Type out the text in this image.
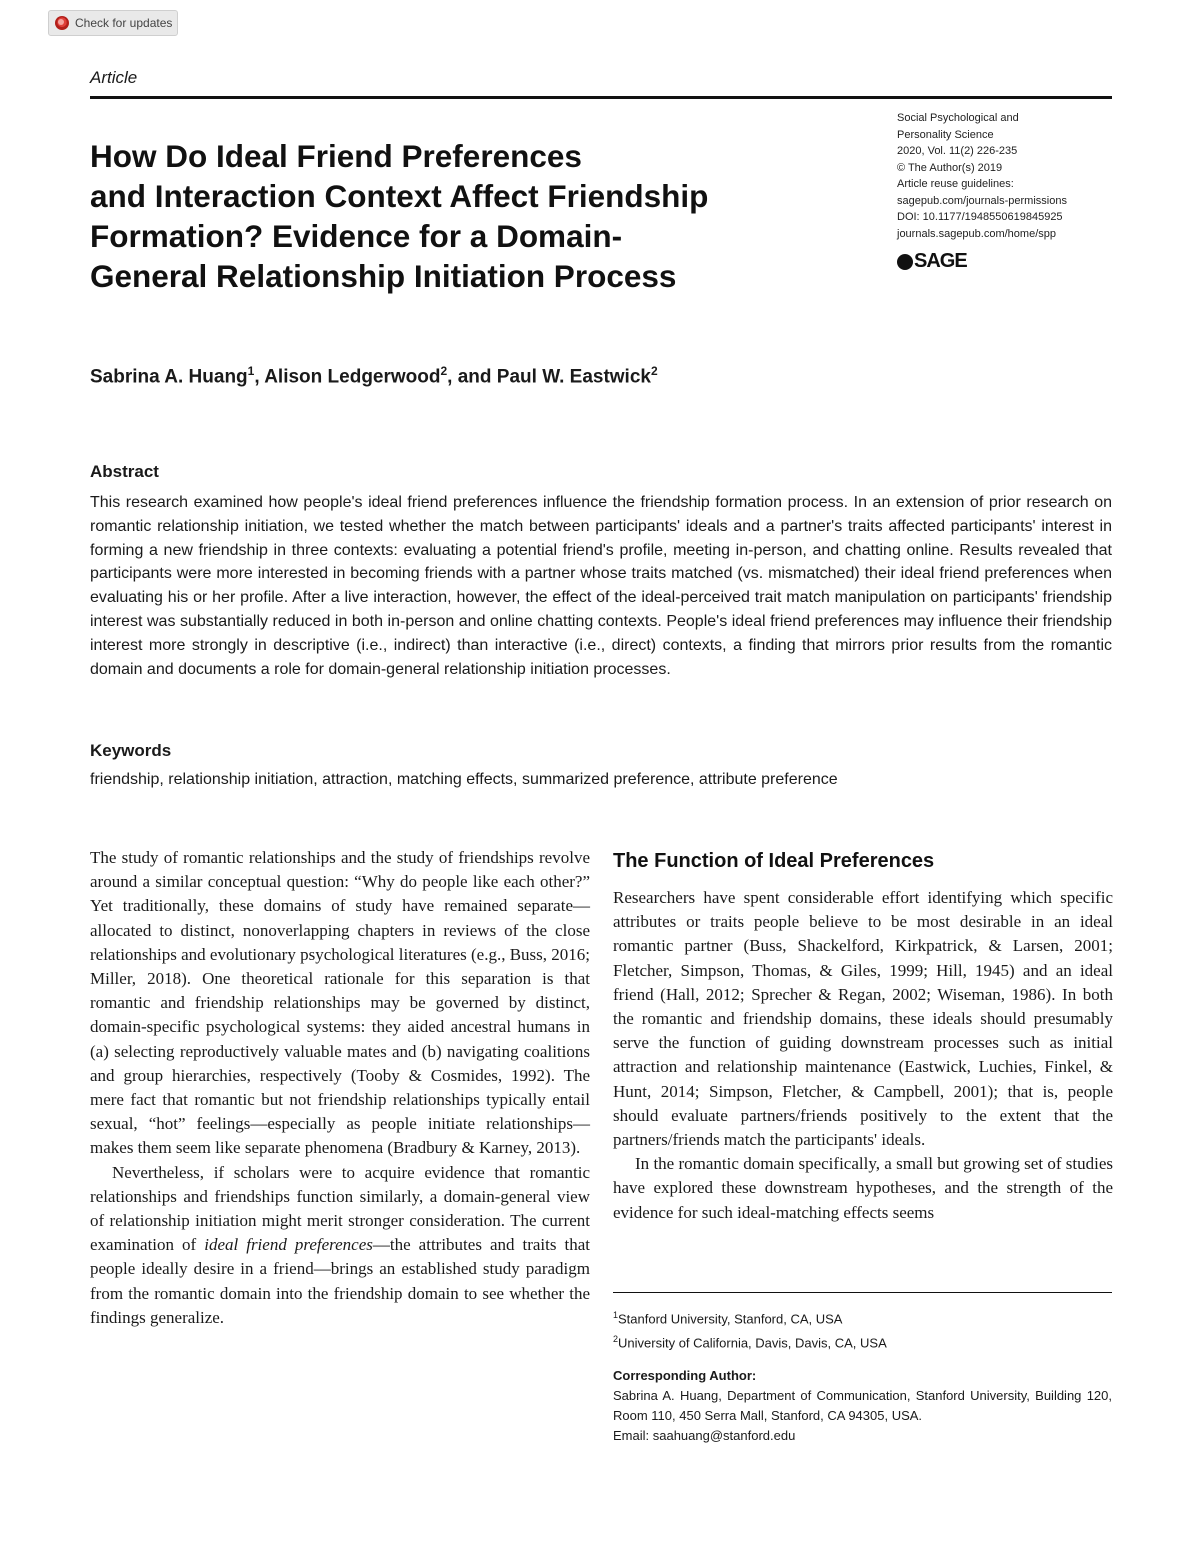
Check for updates
Article
How Do Ideal Friend Preferences
and Interaction Context Affect Friendship
Formation? Evidence for a Domain-
General Relationship Initiation Process
Social Psychological and
Personality Science
2020, Vol. 11(2) 226-235
© The Author(s) 2019
Article reuse guidelines:
sagepub.com/journals-permissions
DOI: 10.1177/1948550619845925
journals.sagepub.com/home/spp
SAGE
Sabrina A. Huang$^1$, Alison Ledgerwood$^2$, and Paul W. Eastwick$^2$
Abstract

This research examined how people's ideal friend preferences influence the friendship formation process. In an extension of prior research on romantic relationship initiation, we tested whether the match between participants' ideals and a partner's traits affected participants' interest in forming a new friendship in three contexts: evaluating a potential friend's profile, meeting in-person, and chatting online. Results revealed that participants were more interested in becoming friends with a partner whose traits matched (vs. mismatched) their ideal friend preferences when evaluating his or her profile. After a live interaction, however, the effect of the ideal-perceived trait match manipulation on participants' friendship interest was substantially reduced in both in-person and online chatting contexts. People's ideal friend preferences may influence their friendship interest more strongly in descriptive (i.e., indirect) than interactive (i.e., direct) contexts, a finding that mirrors prior results from the romantic domain and documents a role for domain-general relationship initiation processes.

Keywords
friendship, relationship initiation, attraction, matching effects, summarized preference, attribute preference

The study of romantic relationships and the study of friendships revolve around a similar conceptual question: “Why do people like each other?” Yet traditionally, these domains of study have remained separate—allocated to distinct, nonoverlapping chapters in reviews of the close relationships and evolutionary psychological literatures (e.g., Buss, 2016; Miller, 2018). One theoretical rationale for this separation is that romantic and friendship relationships may be governed by distinct, domain-specific psychological systems: they aided ancestral humans in (a) selecting reproductively valuable mates and (b) navigating coalitions and group hierarchies, respectively (Tooby & Cosmides, 1992). The mere fact that romantic but not friendship relationships typically entail sexual, “hot” feelings—especially as people initiate relationships—makes them seem like separate phenomena (Bradbury & Karney, 2013).

Nevertheless, if scholars were to acquire evidence that romantic relationships and friendships function similarly, a domain-general view of relationship initiation might merit stronger consideration. The current examination of ideal friend preferences—the attributes and traits that people ideally desire in a friend—brings an established study paradigm from the romantic domain into the friendship domain to see whether the findings generalize.

The Function of Ideal Preferences

Researchers have spent considerable effort identifying which specific attributes or traits people believe to be most desirable in an ideal romantic partner (Buss, Shackelford, Kirkpatrick, & Larsen, 2001; Fletcher, Simpson, Thomas, & Giles, 1999; Hill, 1945) and an ideal friend (Hall, 2012; Sprecher & Regan, 2002; Wiseman, 1986). In both the romantic and friendship domains, these ideals should presumably serve the function of guiding downstream processes such as initial attraction and relationship maintenance (Eastwick, Luchies, Finkel, & Hunt, 2014; Simpson, Fletcher, & Campbell, 2001); that is, people should evaluate partners/friends positively to the extent that the partners/friends match the participants' ideals.

In the romantic domain specifically, a small but growing set of studies have explored these downstream hypotheses, and the strength of the evidence for such ideal-matching effects seems

$^1$Stanford University, Stanford, CA, USA
$^2$University of California, Davis, Davis, CA, USA
Corresponding Author:
Sabrina A. Huang, Department of Communication, Stanford University, Building 120, Room 110, 450 Serra Mall, Stanford, CA 94305, USA.
Email: saahuang@stanford.edu
